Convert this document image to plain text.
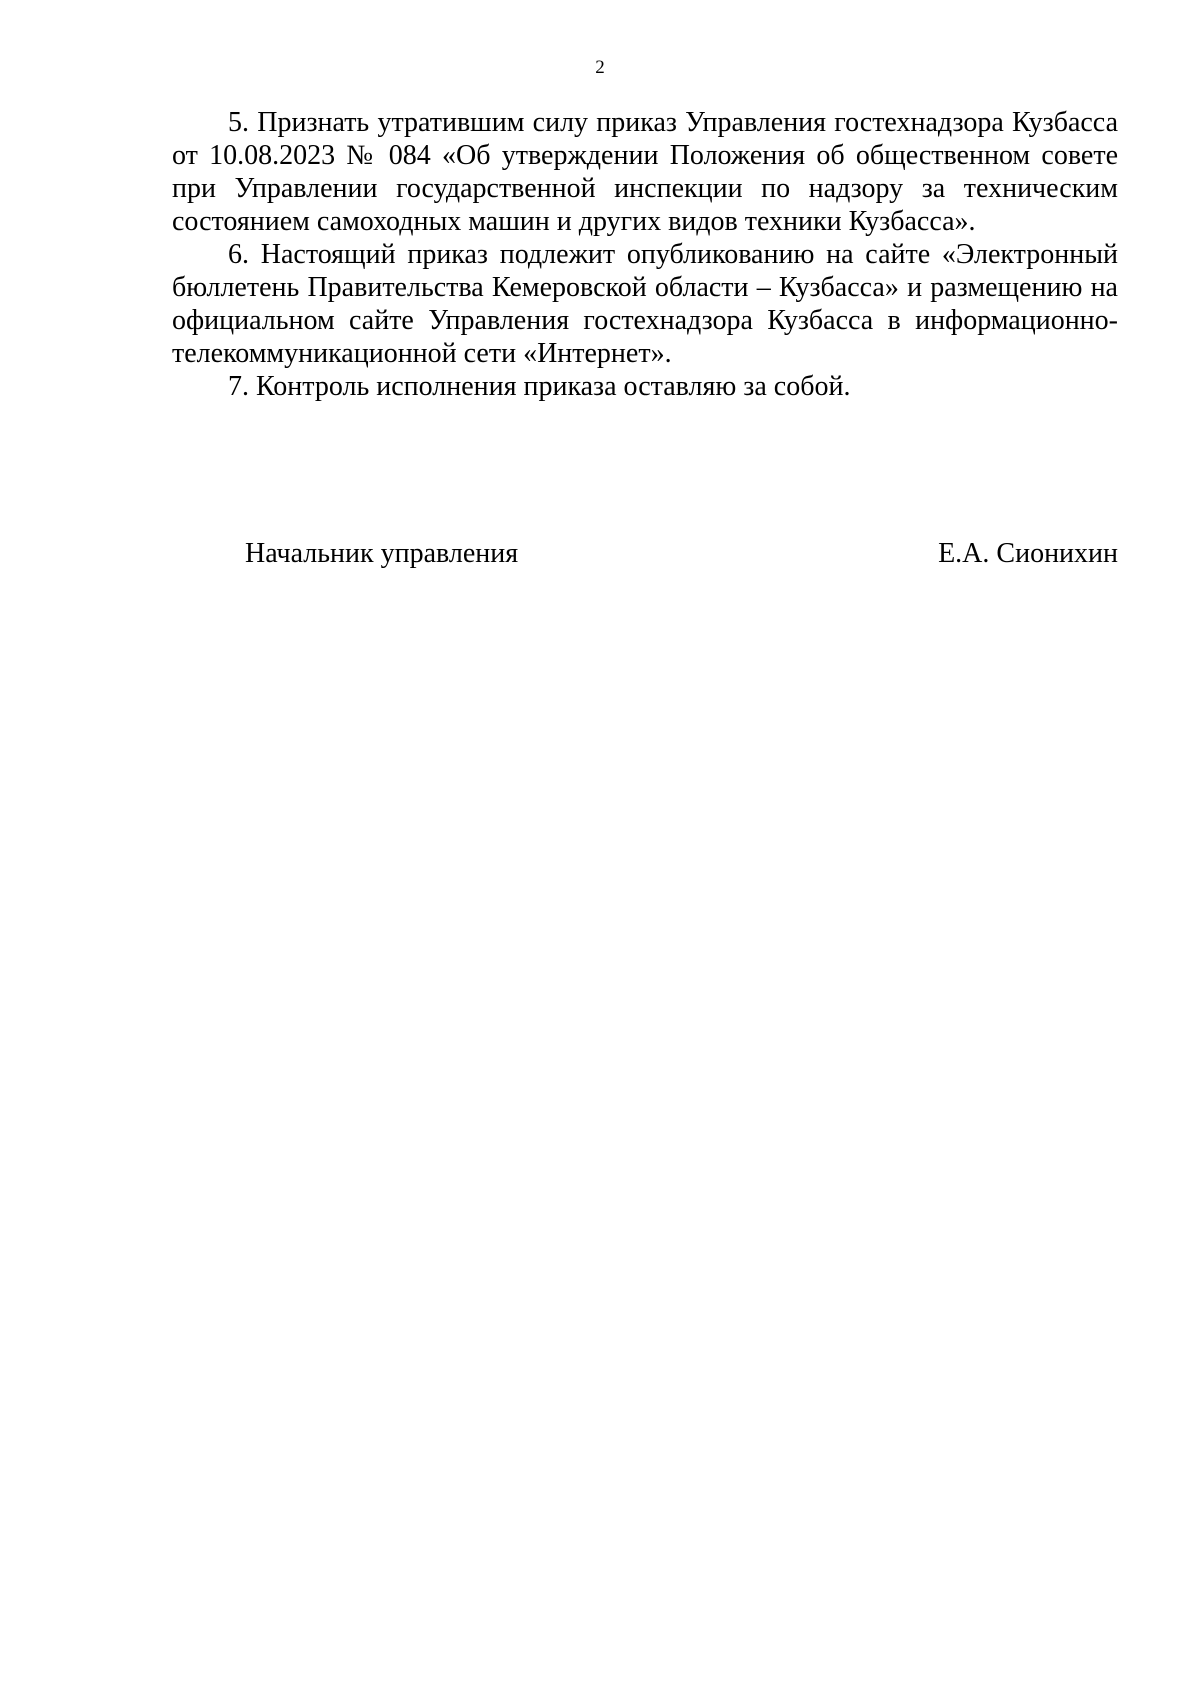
2

5. Признать утратившим силу приказ Управления гостехнадзора Кузбасса от 10.08.2023 № 084 «Об утверждении Положения об общественном совете при Управлении государственной инспекции по надзору за техническим состоянием самоходных машин и других видов техники Кузбасса».

6. Настоящий приказ подлежит опубликованию на сайте «Электронный бюллетень Правительства Кемеровской области – Кузбасса» и размещению на официальном сайте Управления гостехнадзора Кузбасса в информационно-телекоммуникационной сети «Интернет».

7. Контроль исполнения приказа оставляю за собой.

Начальник управления	Е.А. Сионихин
